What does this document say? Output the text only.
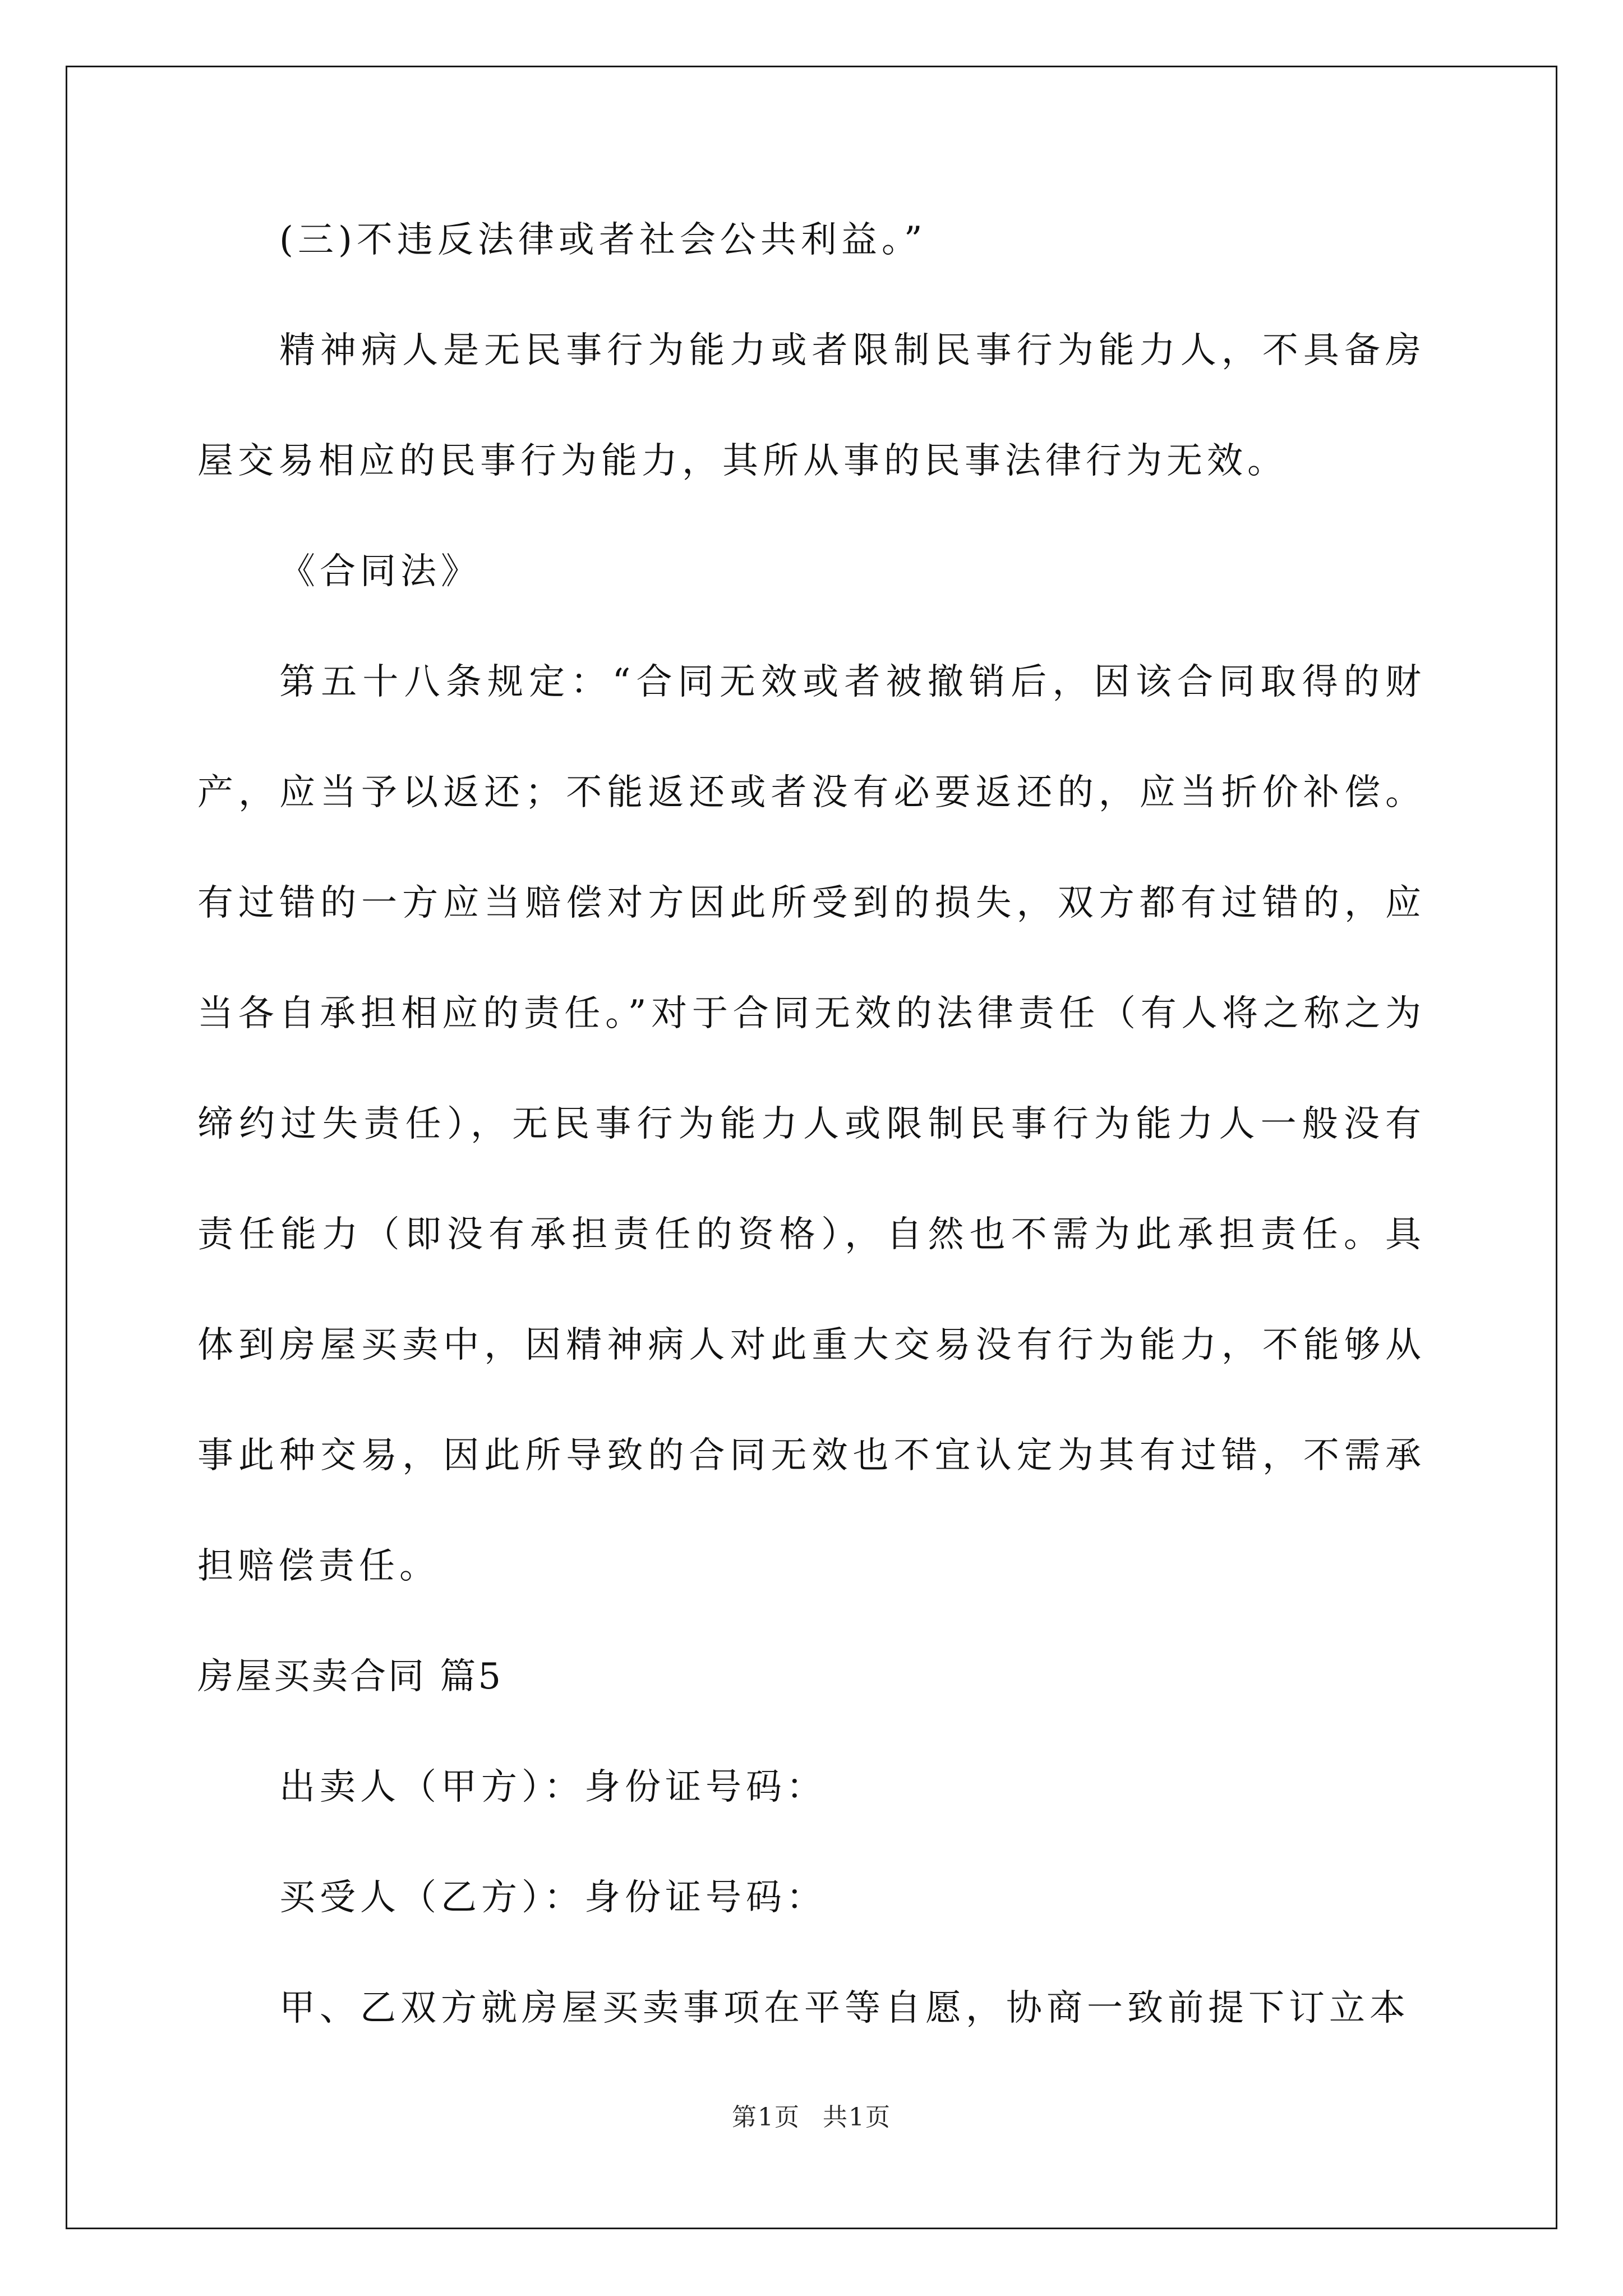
(三)不违反法律或者社会公共利益。”

精神病人是无民事行为能力或者限制民事行为能力人，不具备房屋交易相应的民事行为能力，其所从事的民事法律行为无效。

《合同法》

第五十八条规定：“合同无效或者被撤销后，因该合同取得的财产，应当予以返还；不能返还或者没有必要返还的，应当折价补偿。有过错的一方应当赔偿对方因此所受到的损失，双方都有过错的，应当各自承担相应的责任。”对于合同无效的法律责任（有人将之称之为缔约过失责任），无民事行为能力人或限制民事行为能力人一般没有责任能力（即没有承担责任的资格），自然也不需为此承担责任。具体到房屋买卖中，因精神病人对此重大交易没有行为能力，不能够从事此种交易，因此所导致的合同无效也不宜认定为其有过错，不需承担赔偿责任。

房屋买卖合同 篇5

出卖人（甲方）：身份证号码：

买受人（乙方）：身份证号码：

甲、乙双方就房屋买卖事项在平等自愿，协商一致前提下订立本

第1页 共1页
